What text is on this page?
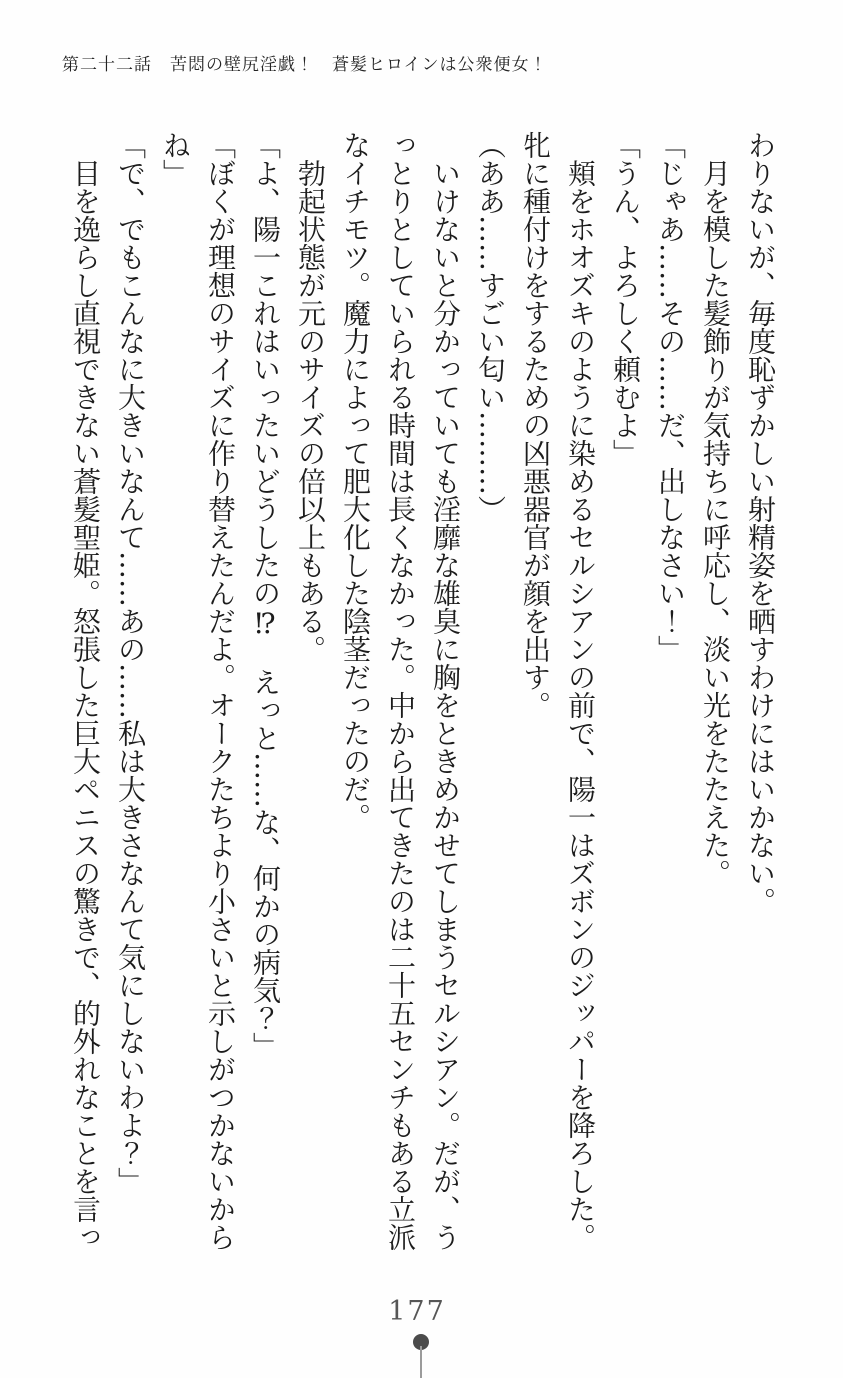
第二十二話　苦悶の壁尻淫戯！　蒼髪ヒロインは公衆便女！

わりないが、毎度恥ずかしい射精姿を晒すわけにはいかない。

月を模した髪飾りが気持ちに呼応し、淡い光をたたえた。

「じゃあ……その……だ、出しなさい！」

「うん、よろしく頼むよ」

頬をホオズキのように染めるセルシアンの前で、陽一はズボンのジッパーを降ろした。牝に種付けをするための凶悪器官が顔を出す。

（ああ……すごい匂い………）

いけないと分かっていても淫靡な雄臭に胸をときめかせてしまうセルシアン。だが、うっとりとしていられる時間は長くなかった。中から出てきたのは二十五センチもある立派なイチモツ。魔力によって肥大化した陰茎だったのだ。

勃起状態が元のサイズの倍以上もある。

「よ、陽一これはいったいどうしたの⁉　えっと……な、何かの病気？」

「ぼくが理想のサイズに作り替えたんだよ。オークたちより小さいと示しがつかないからね」

「で、でもこんなに大きいなんて……あの……私は大きさなんて気にしないわよ？」

目を逸らし直視できない蒼髪聖姫。怒張した巨大ペニスの驚きで、的外れなことを言っ

177
